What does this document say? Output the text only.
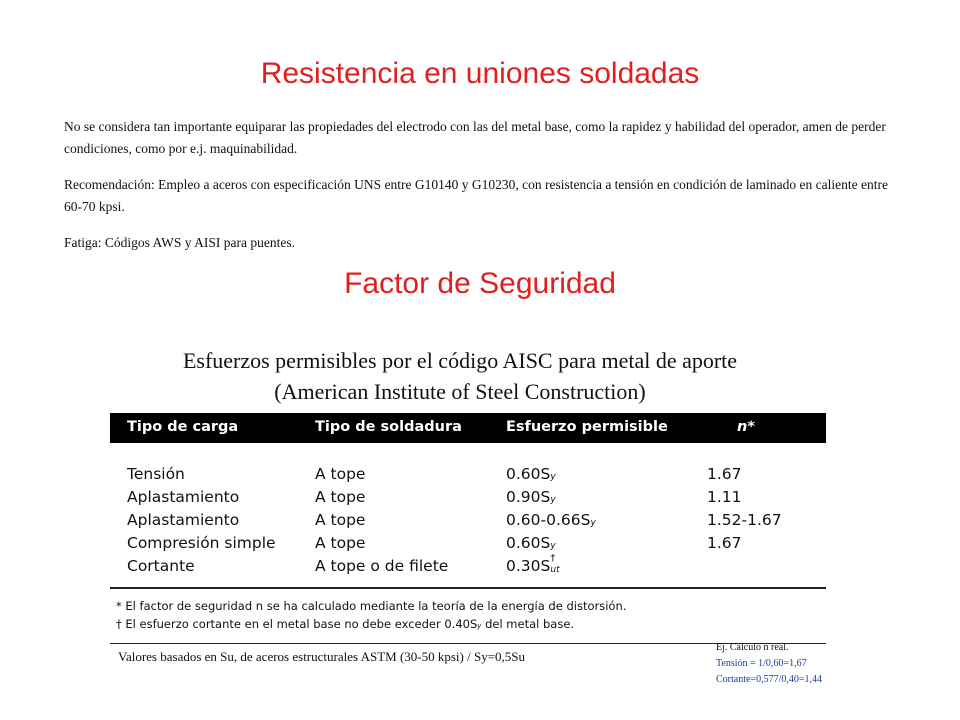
Resistencia en uniones soldadas
No se considera tan importante equiparar las propiedades del electrodo con las del metal base, como la rapidez y habilidad del operador, amen de perder condiciones, como por e.j. maquinabilidad.
Recomendación: Empleo a aceros con especificación UNS entre G10140 y G10230, con resistencia a tensión en condición de laminado en caliente entre 60-70 kpsi.
Fatiga: Códigos AWS y AISI para puentes.
Factor de Seguridad
Esfuerzos permisibles por el código AISC para metal de aporte
(American Institute of Steel Construction)
Tipo de carga	Tipo de soldadura	Esfuerzo permisible	n*
Tensión	A tope	0.60Sy	1.67
Aplastamiento	A tope	0.90Sy	1.11
Aplastamiento	A tope	0.60-0.66Sy	1.52-1.67
Compresión simple	A tope	0.60Sy	1.67
Cortante	A tope o de filete	0.30S †
ut
* El factor de seguridad n se ha calculado mediante la teoría de la energía de distorsión.
† El esfuerzo cortante en el metal base no debe exceder 0.40Sy del metal base.
Valores basados en Su, de aceros estructurales ASTM (30-50 kpsi) / Sy=0,5Su
Ej. Cálculo n real.
Tensión = 1/0,60=1,67
Cortante=0,577/0,40=1,44
